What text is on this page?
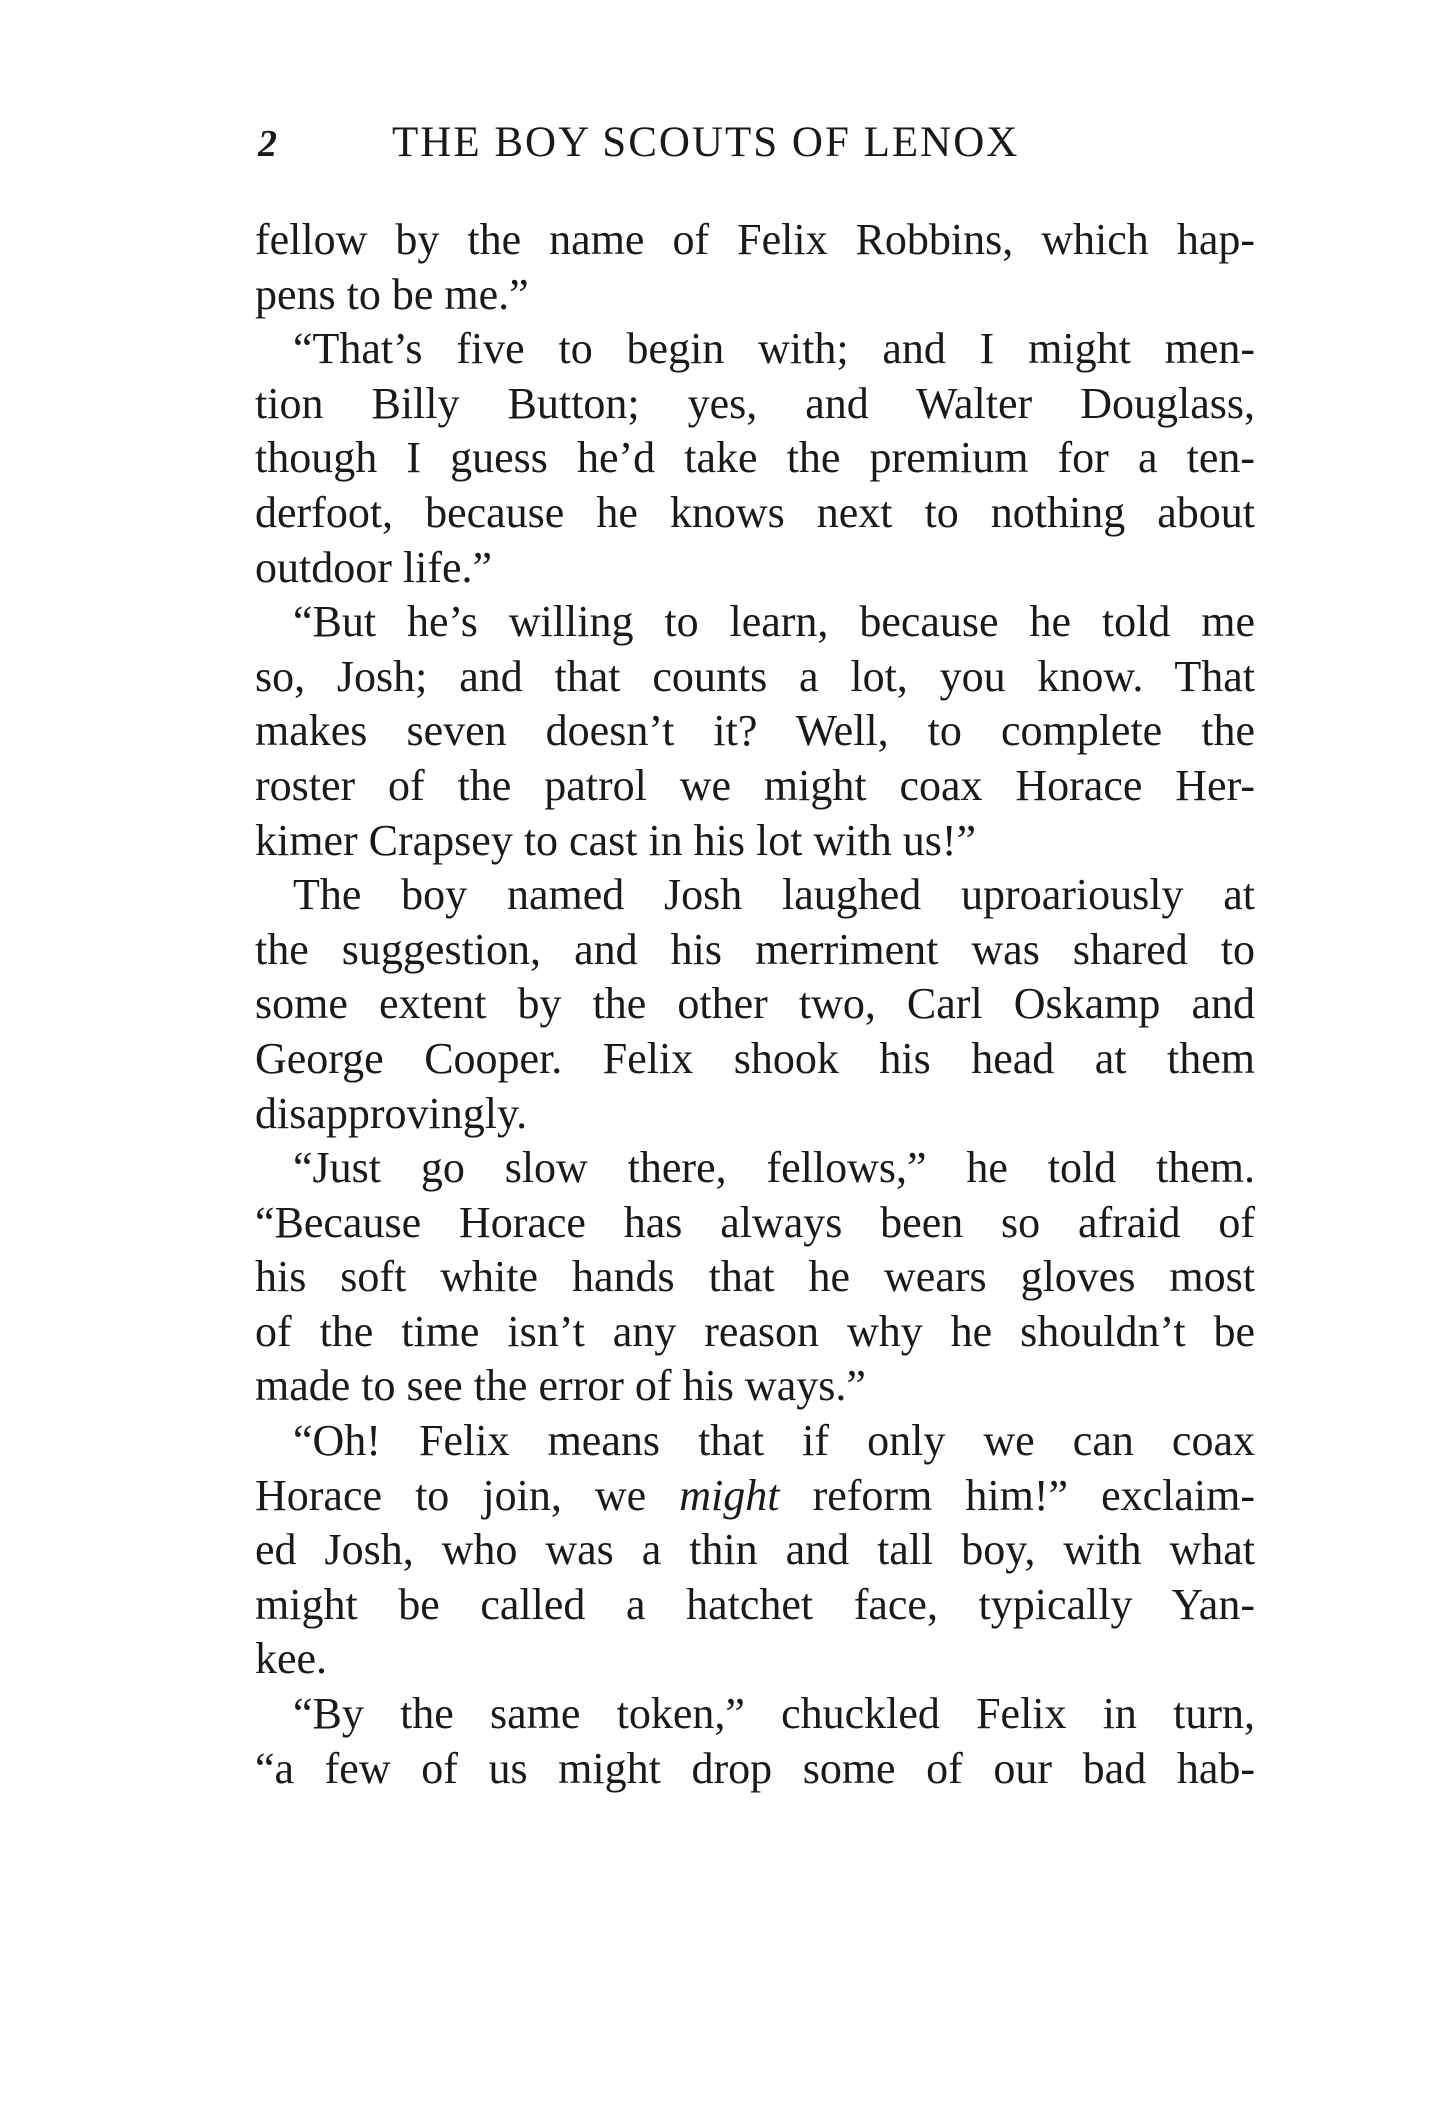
2	THE BOY SCOUTS OF LENOX
fellow by the name of Felix Robbins, which hap-
pens to be me.”
“That’s five to begin with; and I might men-
tion Billy Button; yes, and Walter Douglass,
though I guess he’d take the premium for a ten-
derfoot, because he knows next to nothing about
outdoor life.”
“But he’s willing to learn, because he told me
so, Josh; and that counts a lot, you know. That
makes seven doesn’t it? Well, to complete the
roster of the patrol we might coax Horace Her-
kimer Crapsey to cast in his lot with us!”
The boy named Josh laughed uproariously at
the suggestion, and his merriment was shared to
some extent by the other two, Carl Oskamp and
George Cooper. Felix shook his head at them
disapprovingly.
“Just go slow there, fellows,” he told them.
“Because Horace has always been so afraid of
his soft white hands that he wears gloves most
of the time isn’t any reason why he shouldn’t be
made to see the error of his ways.”
“Oh! Felix means that if only we can coax
Horace to join, we might reform him!” exclaim-
ed Josh, who was a thin and tall boy, with what
might be called a hatchet face, typically Yan-
kee.
“By the same token,” chuckled Felix in turn,
“a few of us might drop some of our bad hab-
